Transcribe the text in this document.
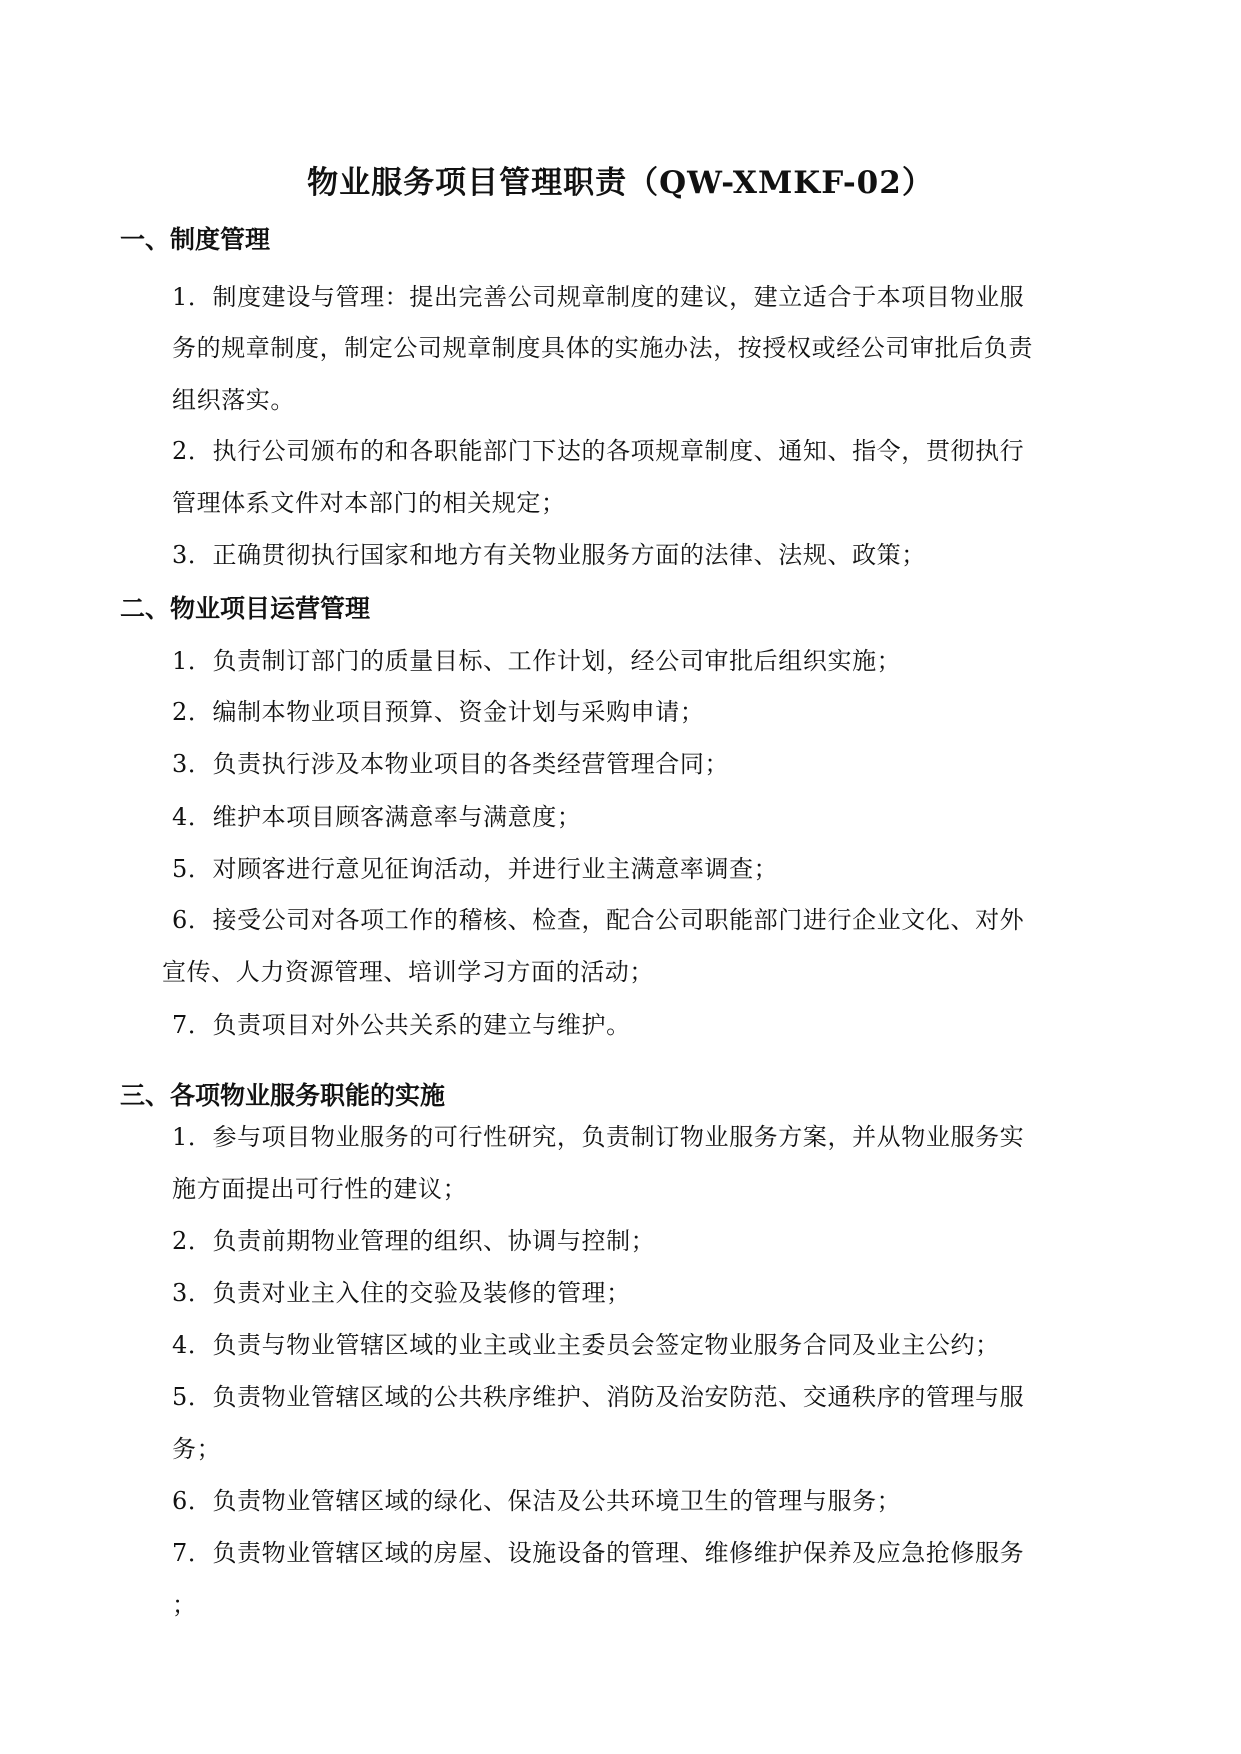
物业服务项目管理职责（QW-XMKF-02）
一、制度管理
1．制度建设与管理：提出完善公司规章制度的建议，建立适合于本项目物业服
务的规章制度，制定公司规章制度具体的实施办法，按授权或经公司审批后负责
组织落实。
2．执行公司颁布的和各职能部门下达的各项规章制度、通知、指令，贯彻执行
管理体系文件对本部门的相关规定；
3．正确贯彻执行国家和地方有关物业服务方面的法律、法规、政策；
二、物业项目运营管理
1．负责制订部门的质量目标、工作计划，经公司审批后组织实施；
2．编制本物业项目预算、资金计划与采购申请；
3．负责执行涉及本物业项目的各类经营管理合同；
4．维护本项目顾客满意率与满意度；
5．对顾客进行意见征询活动，并进行业主满意率调查；
6．接受公司对各项工作的稽核、检查，配合公司职能部门进行企业文化、对外
宣传、人力资源管理、培训学习方面的活动；
7．负责项目对外公共关系的建立与维护。
三、各项物业服务职能的实施
1．参与项目物业服务的可行性研究，负责制订物业服务方案，并从物业服务实
施方面提出可行性的建议；
2．负责前期物业管理的组织、协调与控制；
3．负责对业主入住的交验及装修的管理；
4．负责与物业管辖区域的业主或业主委员会签定物业服务合同及业主公约；
5．负责物业管辖区域的公共秩序维护、消防及治安防范、交通秩序的管理与服
务；
6．负责物业管辖区域的绿化、保洁及公共环境卫生的管理与服务；
7．负责物业管辖区域的房屋、设施设备的管理、维修维护保养及应急抢修服务
；
